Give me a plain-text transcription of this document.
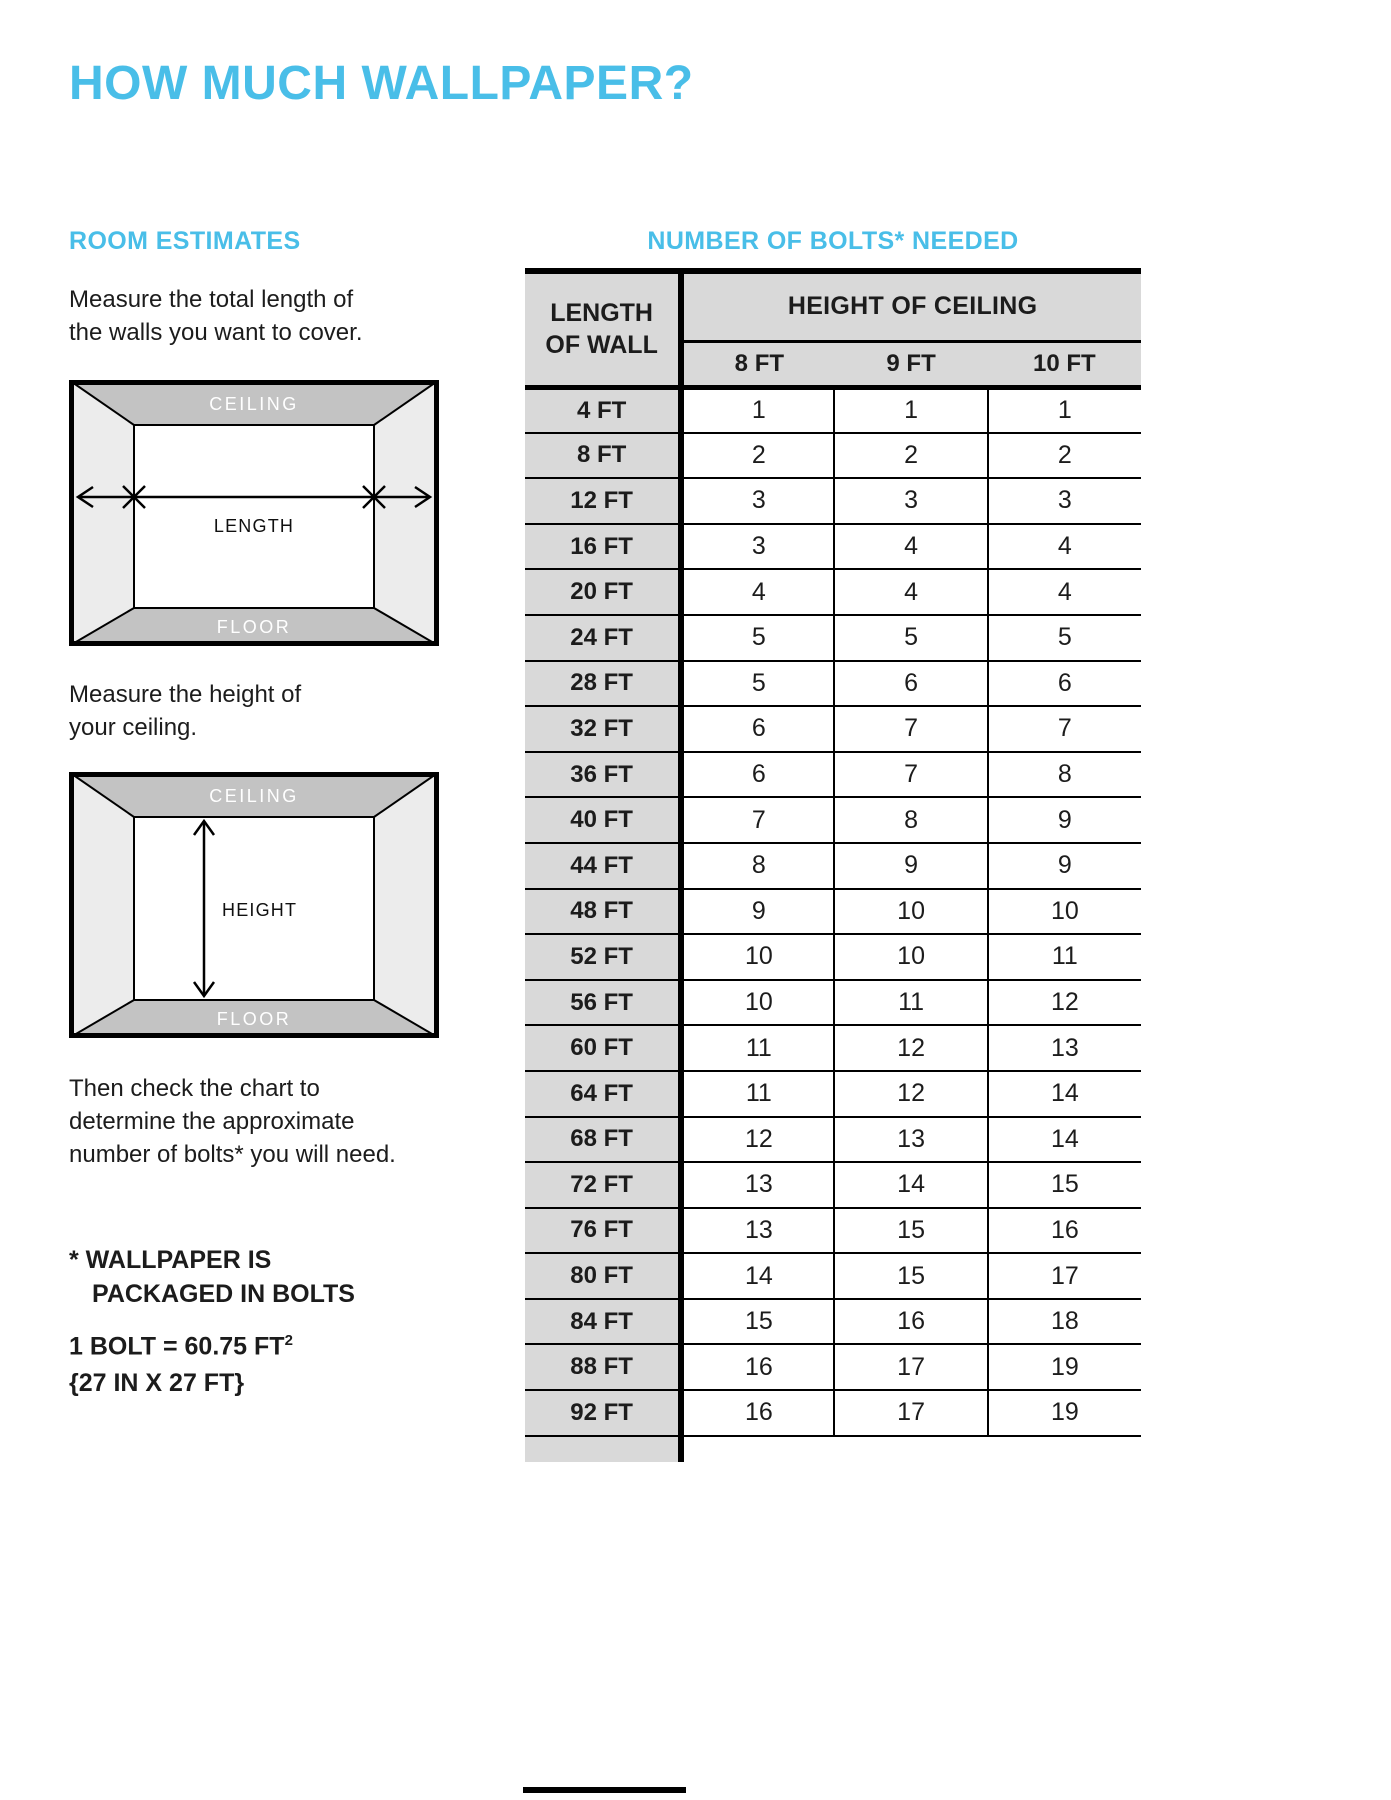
HOW MUCH WALLPAPER?
ROOM ESTIMATES	NUMBER OF BOLTS* NEEDED
Measure the total length of
the walls you want to cover.
CEILING
LENGTH
FLOOR
Measure the height of
your ceiling.
CEILING
HEIGHT
FLOOR
Then check the chart to
determine the approximate
number of bolts* you will need.
* WALLPAPER IS
PACKAGED IN BOLTS
1 BOLT = 60.75 $FT^2$
{27 IN X 27 FT}
LENGTH
OF WALL	HEIGHT OF CEILING		
	8 FT	9 FT	10 FT
4 FT	1	1	1
8 FT	2	2	2
12 FT	3	3	3
16 FT	3	4	4
20 FT	4	4	4
24 FT	5	5	5
28 FT	5	6	6
32 FT	6	7	7
36 FT	6	7	8
40 FT	7	8	9
44 FT	8	9	9
48 FT	9	10	10
52 FT	10	10	11
56 FT	10	11	12
60 FT	11	12	13
64 FT	11	12	14
68 FT	12	13	14
72 FT	13	14	15
76 FT	13	15	16
80 FT	14	15	17
84 FT	15	16	18
88 FT	16	17	19
92 FT	16	17	19
